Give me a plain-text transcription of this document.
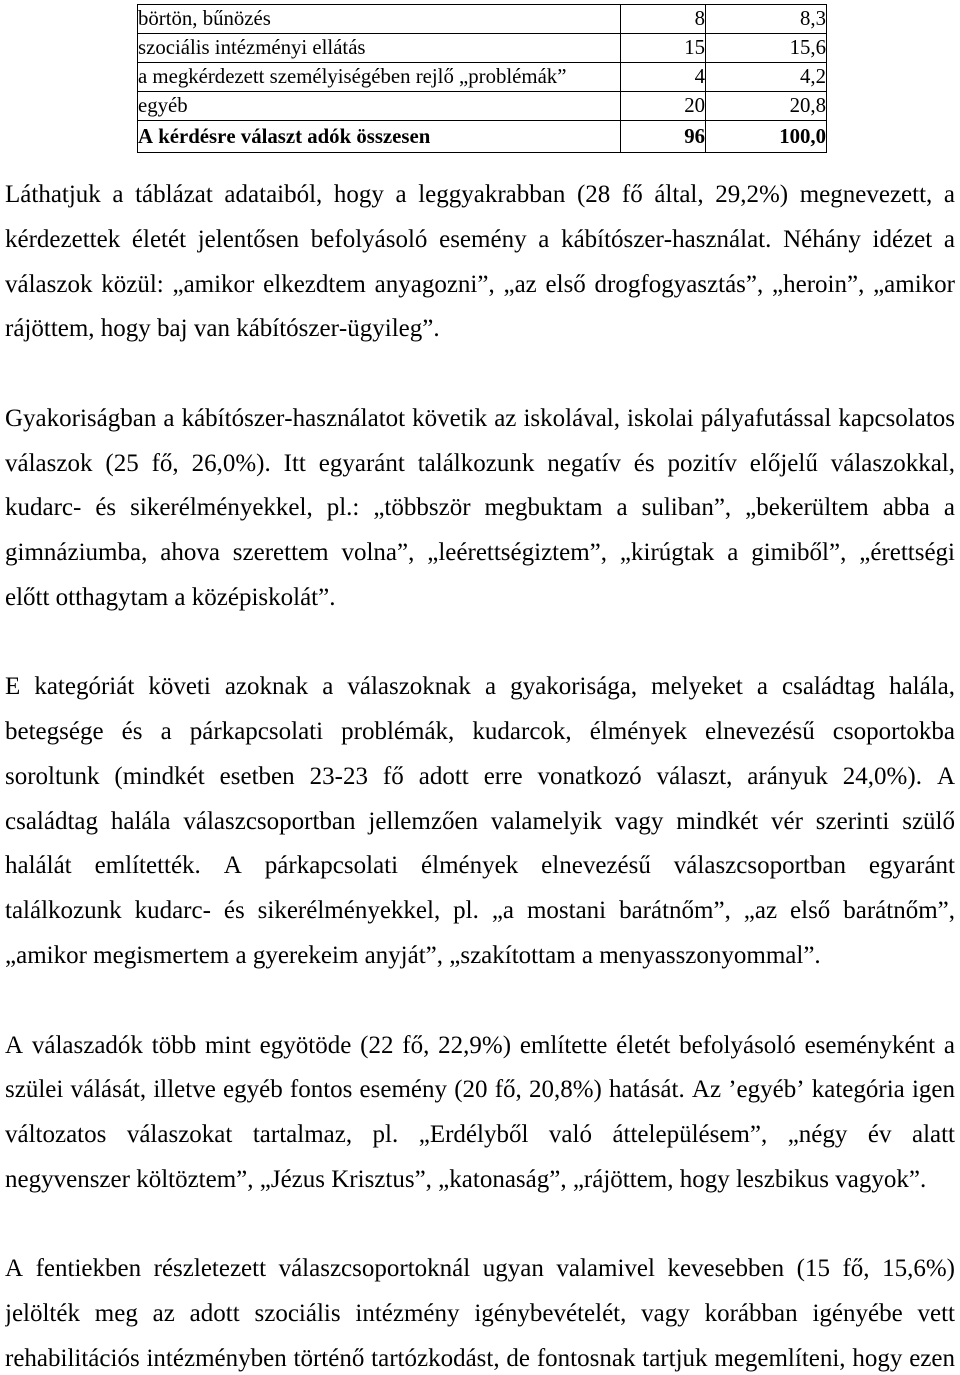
börtön, bűnözés	8	8,3
szociális intézményi ellátás	15	15,6
a megkérdezett személyiségében rejlő „problémák”	4	4,2
egyéb	20	20,8
A kérdésre választ adók összesen	96	100,0
Láthatjuk a táblázat adataiból, hogy a leggyakrabban (28 fő által, 29,2%) megnevezett, a
kérdezettek életét jelentősen befolyásoló esemény a kábítószer-használat. Néhány idézet a
válaszok közül: „amikor elkezdtem anyagozni”, „az első drogfogyasztás”, „heroin”, „amikor
rájöttem, hogy baj van kábítószer-ügyileg”.
Gyakoriságban a kábítószer-használatot követik az iskolával, iskolai pályafutással kapcsolatos
válaszok (25 fő, 26,0%). Itt egyaránt találkozunk negatív és pozitív előjelű válaszokkal,
kudarc- és sikerélményekkel, pl.: „többször megbuktam a suliban”, „bekerültem abba a
gimnáziumba, ahova szerettem volna”, „leérettségiztem”, „kirúgtak a gimiből”, „érettségi
előtt otthagytam a középiskolát”.
E kategóriát követi azoknak a válaszoknak a gyakorisága, melyeket a családtag halála,
betegsége és a párkapcsolati problémák, kudarcok, élmények elnevezésű csoportokba
soroltunk (mindkét esetben 23-23 fő adott erre vonatkozó választ, arányuk 24,0%). A
családtag halála válaszcsoportban jellemzően valamelyik vagy mindkét vér szerinti szülő
halálát említették. A párkapcsolati élmények elnevezésű válaszcsoportban egyaránt
találkozunk kudarc- és sikerélményekkel, pl. „a mostani barátnőm”, „az első barátnőm”,
„amikor megismertem a gyerekeim anyját”, „szakítottam a menyasszonyommal”.
A válaszadók több mint egyötöde (22 fő, 22,9%) említette életét befolyásoló eseményként a
szülei válását, illetve egyéb fontos esemény (20 fő, 20,8%) hatását. Az ’egyéb’ kategória igen
változatos válaszokat tartalmaz, pl. „Erdélyből való áttelepülésem”, „négy év alatt
negyvenszer költöztem”, „Jézus Krisztus”, „katonaság”, „rájöttem, hogy leszbikus vagyok”.
A fentiekben részletezett válaszcsoportoknál ugyan valamivel kevesebben (15 fő, 15,6%)
jelölték meg az adott szociális intézmény igénybevételét, vagy korábban igényébe vett
rehabilitációs intézményben történő tartózkodást, de fontosnak tartjuk megemlíteni, hogy ezen
